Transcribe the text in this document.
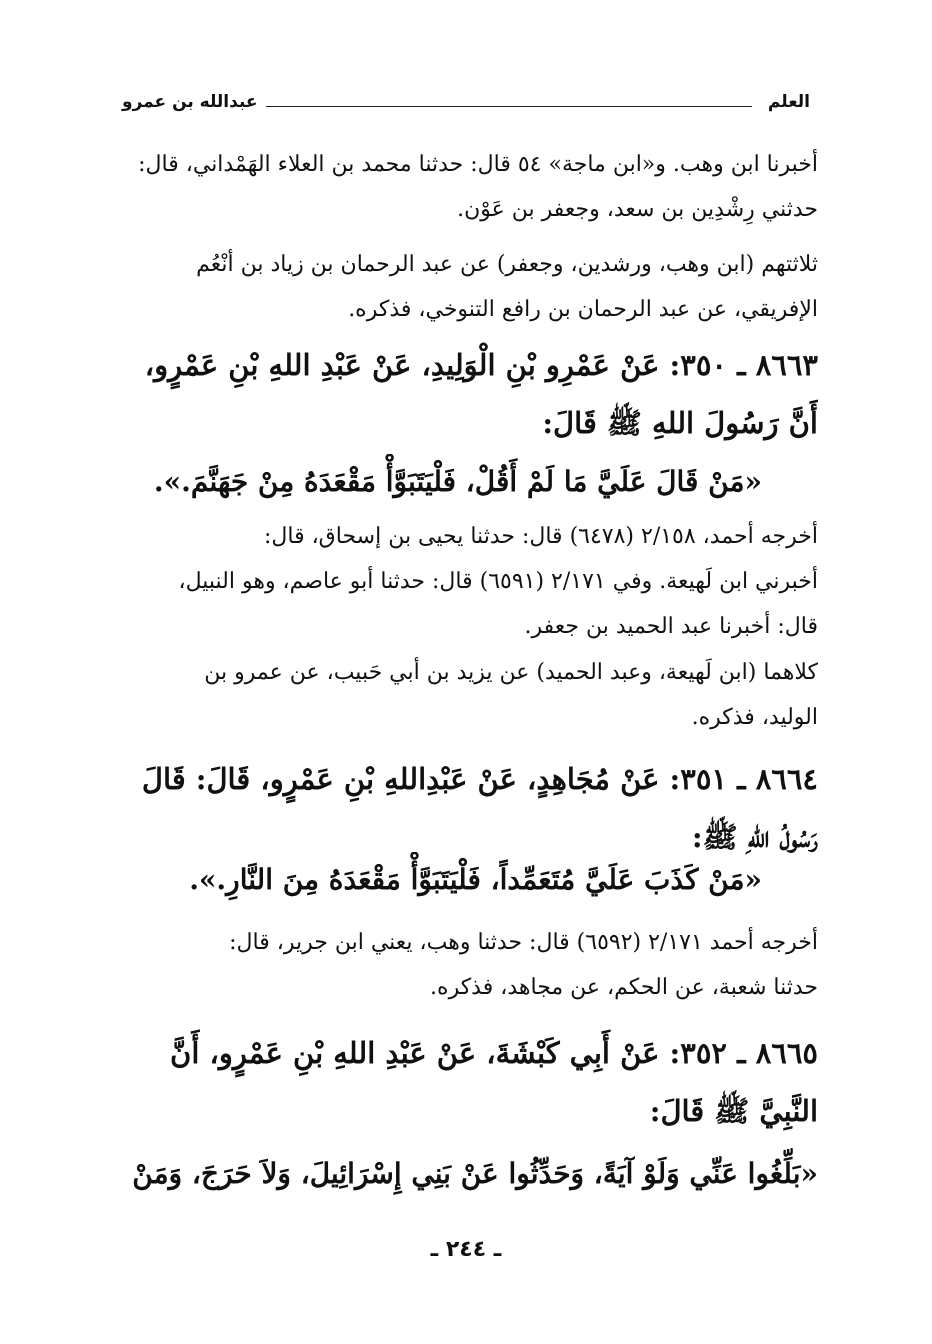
العلم
عبدالله بن عمرو
أخبرنا ابن وهب. و«ابن ماجة» ٥٤ قال: حدثنا محمد بن العلاء الهَمْداني، قال:
حدثني رِشْدِين بن سعد، وجعفر بن عَوْن.
ثلاثتهم (ابن وهب، ورشدين، وجعفر) عن عبد الرحمان بن زياد بن أنْعُم
الإفريقي، عن عبد الرحمان بن رافع التنوخي، فذكره.
٨٦٦٣ ـ ٣٥٠: عَنْ عَمْرِو بْنِ الْوَلِيدِ، عَنْ عَبْدِ اللهِ بْنِ عَمْرٍو،
أَنَّ رَسُولَ اللهِ ﷺ قَالَ:
«مَنْ قَالَ عَلَيَّ مَا لَمْ أَقُلْ، فَلْيَتَبَوَّأْ مَقْعَدَهُ مِنْ جَهَنَّمَ.».
أخرجه أحمد، ٢/١٥٨ (٦٤٧٨) قال: حدثنا يحيى بن إسحاق، قال:
أخبرني ابن لَهيعة. وفي ٢/١٧١ (٦٥٩١) قال: حدثنا أبو عاصم، وهو النبيل،
قال: أخبرنا عبد الحميد بن جعفر.
كلاهما (ابن لَهيعة، وعبد الحميد) عن يزيد بن أبي حَبيب، عن عمرو بن
الوليد، فذكره.
٨٦٦٤ ـ ٣٥١: عَنْ مُجَاهِدٍ، عَنْ عَبْدِاللهِ بْنِ عَمْرٍو، قَالَ: قَالَ
رَسُولُ اللهِ ﷺ:
«مَنْ كَذَبَ عَلَيَّ مُتَعَمِّداً، فَلْيَتَبَوَّأْ مَقْعَدَهُ مِنَ النَّارِ.».
أخرجه أحمد ٢/١٧١ (٦٥٩٢) قال: حدثنا وهب، يعني ابن جرير، قال:
حدثنا شعبة، عن الحكم، عن مجاهد، فذكره.
٨٦٦٥ ـ ٣٥٢: عَنْ أَبِي كَبْشَةَ، عَنْ عَبْدِ اللهِ بْنِ عَمْرٍو، أَنَّ
النَّبِيَّ ﷺ قَالَ:
«بَلِّغُوا عَنِّي وَلَوْ آيَةً، وَحَدِّثُوا عَنْ بَنِي إِسْرَائِيلَ، وَلاَ حَرَجَ، وَمَنْ
ـ ٢٤٤ ـ
